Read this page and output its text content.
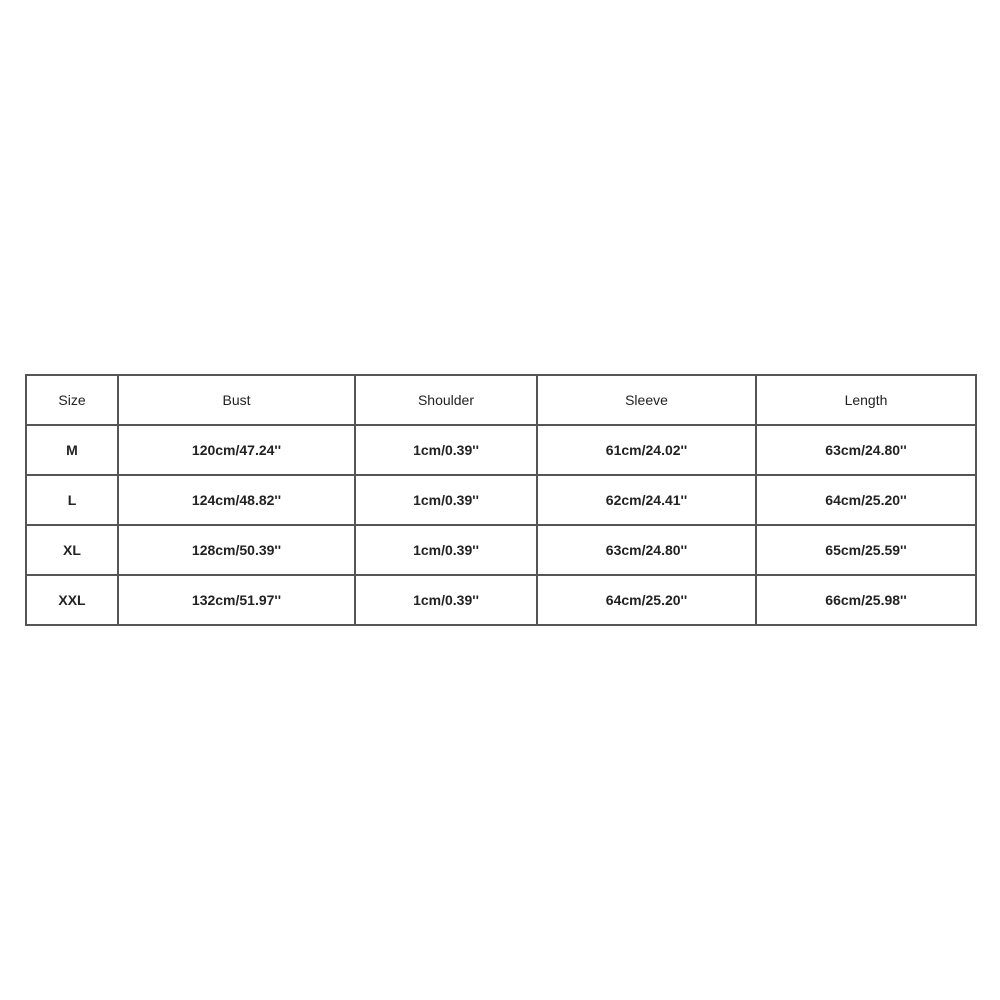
Size	Bust	Shoulder	Sleeve	Length
M	120cm/47.24''	1cm/0.39''	61cm/24.02''	63cm/24.80''
L	124cm/48.82''	1cm/0.39''	62cm/24.41''	64cm/25.20''
XL	128cm/50.39''	1cm/0.39''	63cm/24.80''	65cm/25.59''
XXL	132cm/51.97''	1cm/0.39''	64cm/25.20''	66cm/25.98''
